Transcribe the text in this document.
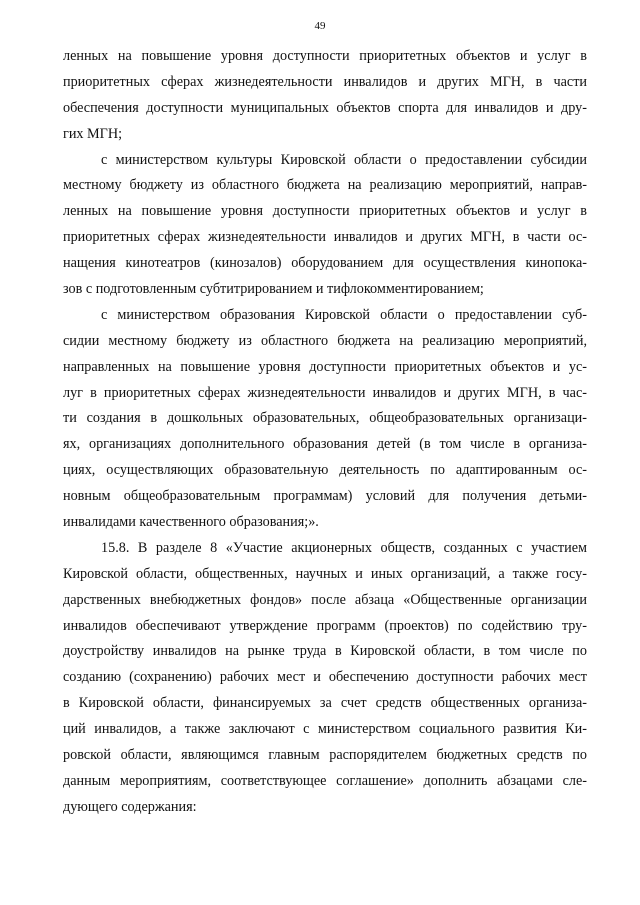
49

ленных на повышение уровня доступности приоритетных объектов и услуг в
приоритетных сферах жизнедеятельности инвалидов и других МГН, в части
обеспечения доступности муниципальных объектов спорта для инвалидов и дру-
гих МГН;

с министерством культуры Кировской области о предоставлении субсидии
местному бюджету из областного бюджета на реализацию мероприятий, направ-
ленных на повышение уровня доступности приоритетных объектов и услуг в
приоритетных сферах жизнедеятельности инвалидов и других МГН, в части ос-
нащения кинотеатров (кинозалов) оборудованием для осуществления кинопока-
зов с подготовленным субтитрированием и тифлокомментированием;

с министерством образования Кировской области о предоставлении суб-
сидии местному бюджету из областного бюджета на реализацию мероприятий,
направленных на повышение уровня доступности приоритетных объектов и ус-
луг в приоритетных сферах жизнедеятельности инвалидов и других МГН, в час-
ти создания в дошкольных образовательных, общеобразовательных организаци-
ях, организациях дополнительного образования детей (в том числе в организа-
циях, осуществляющих образовательную деятельность по адаптированным ос-
новным общеобразовательным программам) условий для получения детьми-
инвалидами качественного образования;».

15.8. В разделе 8 «Участие акционерных обществ, созданных с участием
Кировской области, общественных, научных и иных организаций, а также госу-
дарственных внебюджетных фондов» после абзаца «Общественные организации
инвалидов обеспечивают утверждение программ (проектов) по содействию тру-
доустройству инвалидов на рынке труда в Кировской области, в том числе по
созданию (сохранению) рабочих мест и обеспечению доступности рабочих мест
в Кировской области, финансируемых за счет средств общественных организа-
ций инвалидов, а также заключают с министерством социального развития Ки-
ровской области, являющимся главным распорядителем бюджетных средств по
данным мероприятиям, соответствующее соглашение» дополнить абзацами сле-
дующего содержания:
